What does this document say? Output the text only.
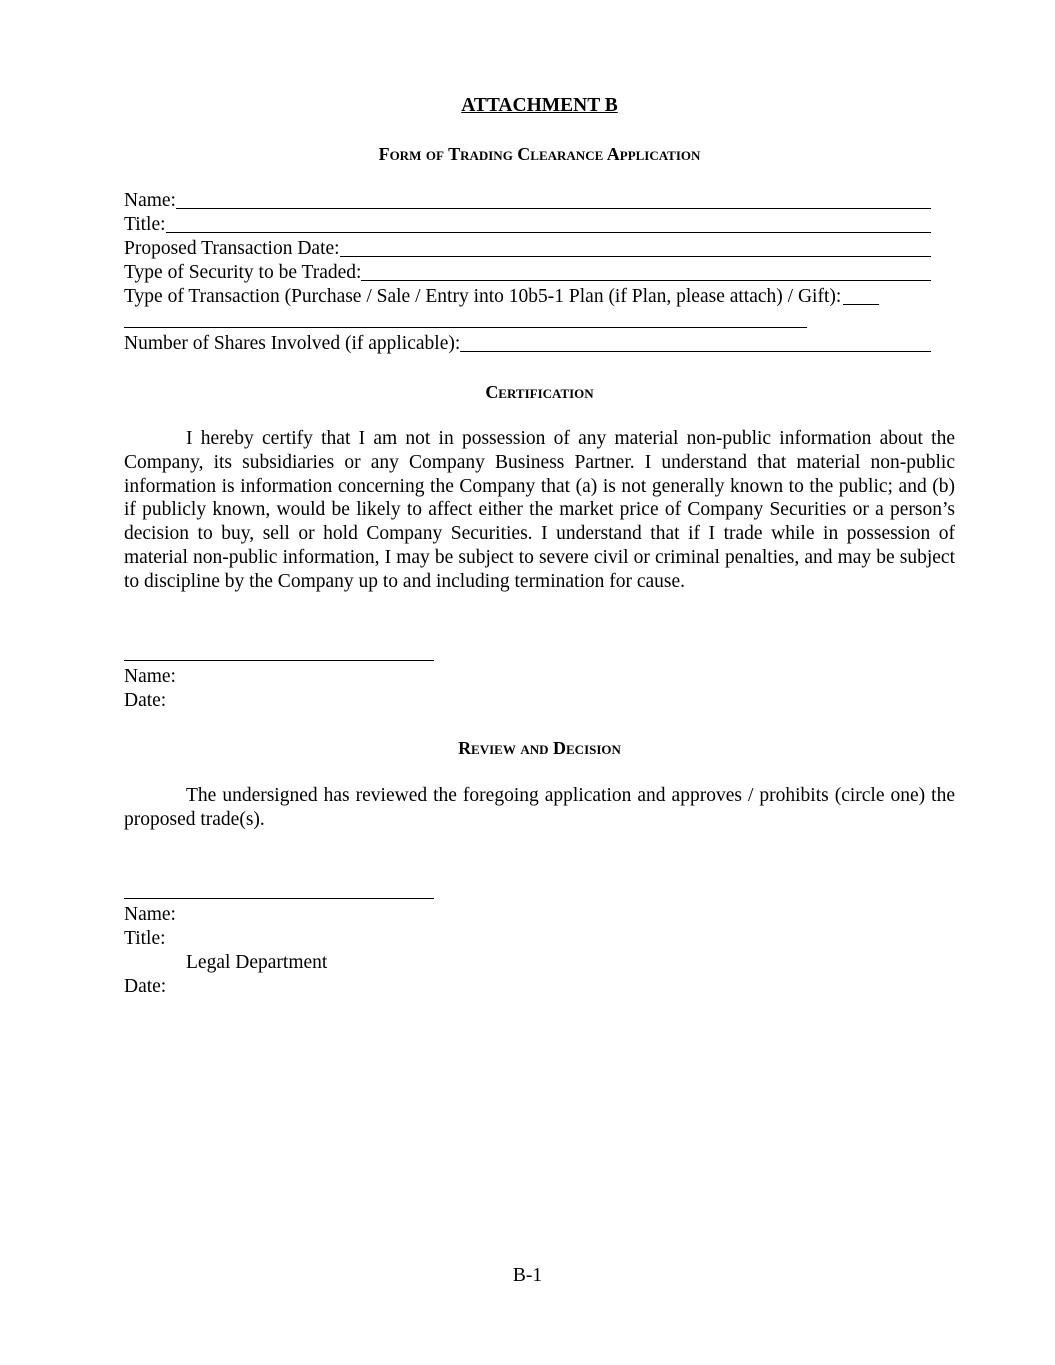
ATTACHMENT B
Form of Trading Clearance Application
Name:
Title:
Proposed Transaction Date:
Type of Security to be Traded:
Type of Transaction (Purchase / Sale / Entry into 10b5-1 Plan (if Plan, please attach) / Gift):
Number of Shares Involved (if applicable):
Certification

I hereby certify that I am not in possession of any material non-public information about the Company, its subsidiaries or any Company Business Partner. I understand that material non-public information is information concerning the Company that (a) is not generally known to the public; and (b) if publicly known, would be likely to affect either the market price of Company Securities or a person’s decision to buy, sell or hold Company Securities. I understand that if I trade while in possession of material non-public information, I may be subject to severe civil or criminal penalties, and may be subject to discipline by the Company up to and including termination for cause.

Name:
Date:
Review and Decision

The undersigned has reviewed the foregoing application and approves / prohibits (circle one) the proposed trade(s).

Name:
Title:
Legal Department
Date:
B-1
